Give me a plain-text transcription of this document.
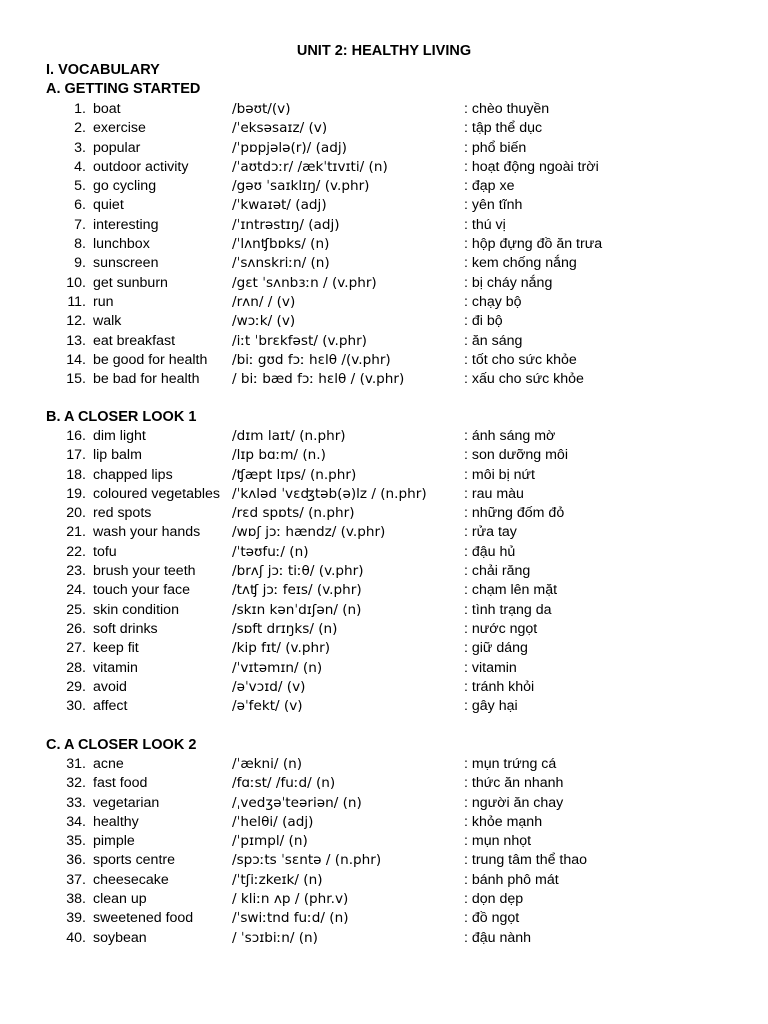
UNIT 2: HEALTHY LIVING
I. VOCABULARY
A. GETTING STARTED
1. boat	/bəʊt/(v)	: chèo thuyền
2. exercise	/ˈeksəsaɪz/ (v)	: tập thể dục
3. popular	/ˈpɒpjələ(r)/ (adj)	: phổ biến
4. outdoor activity	/ˈaʊtdɔːr/ /ækˈtɪvɪti/ (n)	: hoạt động ngoài trời
5. go cycling	/gəʊ ˈsaɪklɪŋ/ (v.phr)	: đạp xe
6. quiet	/ˈkwaɪət/ (adj)	: yên tĩnh
7. interesting	/ˈɪntrəstɪŋ/ (adj)	: thú vị
8. lunchbox	/ˈlʌnʧbɒks/ (n)	: hộp đựng đồ ăn trưa
9. sunscreen	/ˈsʌnskriːn/ (n)	: kem chống nắng
10. get sunburn	/gɛt ˈsʌnbɜːn / (v.phr)	: bị cháy nắng
11. run	/rʌn/ / (v)	: chạy bộ
12. walk	/wɔːk/ (v)	: đi bộ
13. eat breakfast	/iːt ˈbrɛkfəst/ (v.phr)	: ăn sáng
14. be good for health /biː gʊd fɔː hɛlθ /(v.phr)	: tốt cho sức khỏe
15. be bad for health / biː bæd fɔː hɛlθ / (v.phr)	: xấu cho sức khỏe
B. A CLOSER LOOK 1
16. dim light	/dɪm laɪt/ (n.phr)	: ánh sáng mờ
17. lip balm	/lɪp bɑːm/ (n.)	: son dưỡng môi
18. chapped lips	/ʧæpt lɪps/ (n.phr)	: môi bị nứt
19. coloured vegetables /ˈkʌləd ˈvɛʤtəb(ə)lz / (n.phr)	: rau màu
20. red spots	/rɛd spɒts/ (n.phr)	: những đốm đỏ
21. wash your hands /wɒʃ jɔː hændz/ (v.phr)	: rửa tay
22. tofu	/ˈtəʊfuː/ (n)	: đậu hủ
23. brush your teeth	/brʌʃ jɔː tiːθ/ (v.phr)	: chải răng
24. touch your face	/tʌʧ jɔː feɪs/ (v.phr)	: chạm lên mặt
25. skin condition	/skɪn kənˈdɪʃən/ (n)	: tình trạng da
26. soft drinks	/sɒft drɪŋks/ (n)	: nước ngọt
27. keep fit	/kip fɪt/ (v.phr)	: giữ dáng
28. vitamin	/ˈvɪtəmɪn/ (n)	: vitamin
29. avoid	/əˈvɔɪd/ (v)	: tránh khỏi
30. affect	/əˈfekt/ (v)	: gây hại
C. A CLOSER LOOK 2
31. acne	/ˈækni/ (n)	: mụn trứng cá
32. fast food	/fɑːst/ /fuːd/ (n)	: thức ăn nhanh
33. vegetarian	/ˌvedʒəˈteəriən/ (n)	: người ăn chay
34. healthy	/ˈhelθi/ (adj)	: khỏe mạnh
35. pimple	/ˈpɪmpl/ (n)	: mụn nhọt
36. sports centre	/spɔːts ˈsɛntə / (n.phr)	: trung tâm thể thao
37. cheesecake	/ˈtʃiːzkeɪk/ (n)	: bánh phô mát
38. clean up	/ kliːn ʌp / (phr.v)	: dọn dẹp
39. sweetened food	/ˈswiːtnd fuːd/ (n)	: đồ ngọt
40. soybean	/ ˈsɔɪbiːn/ (n)	: đậu nành
